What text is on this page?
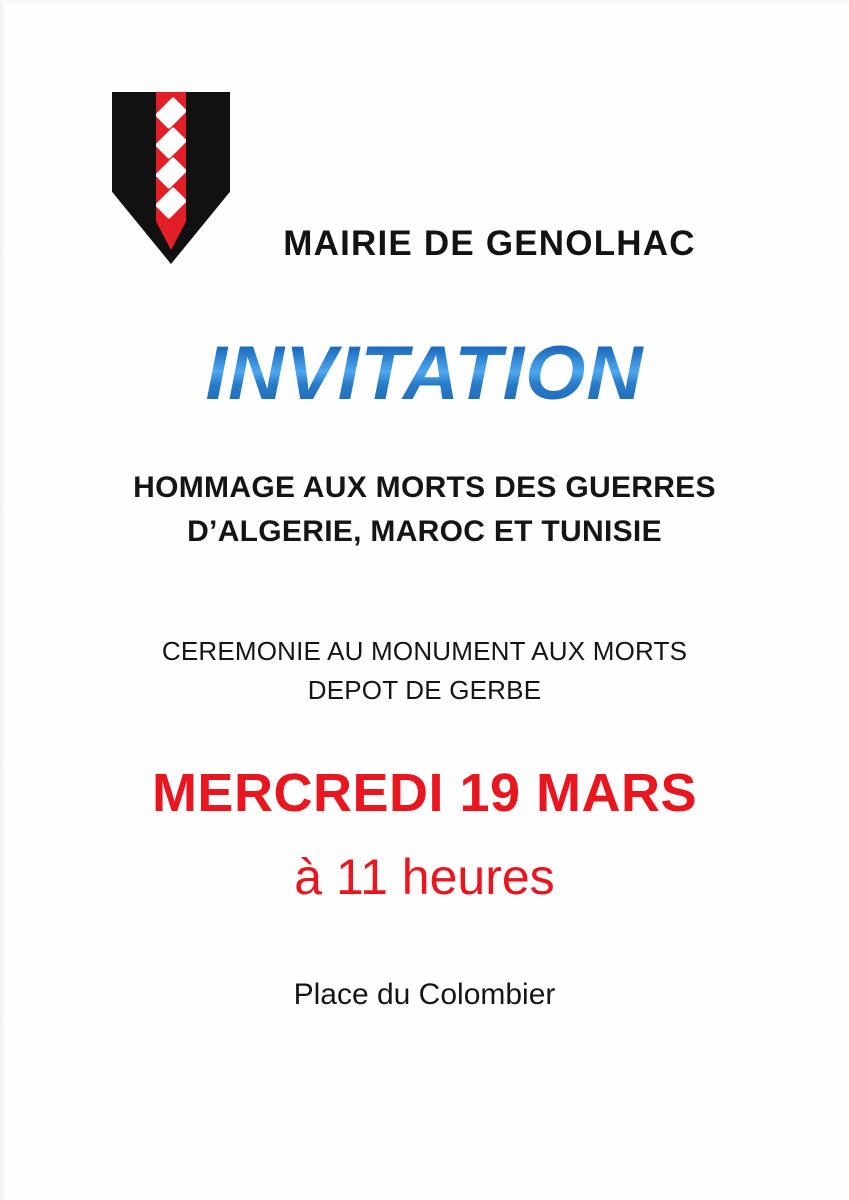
MAIRIE DE GENOLHAC
INVITATION
HOMMAGE AUX MORTS DES GUERRES
D’ALGERIE, MAROC ET TUNISIE
CEREMONIE AU MONUMENT AUX MORTS
DEPOT DE GERBE
MERCREDI 19 MARS
à 11 heures
Place du Colombier
